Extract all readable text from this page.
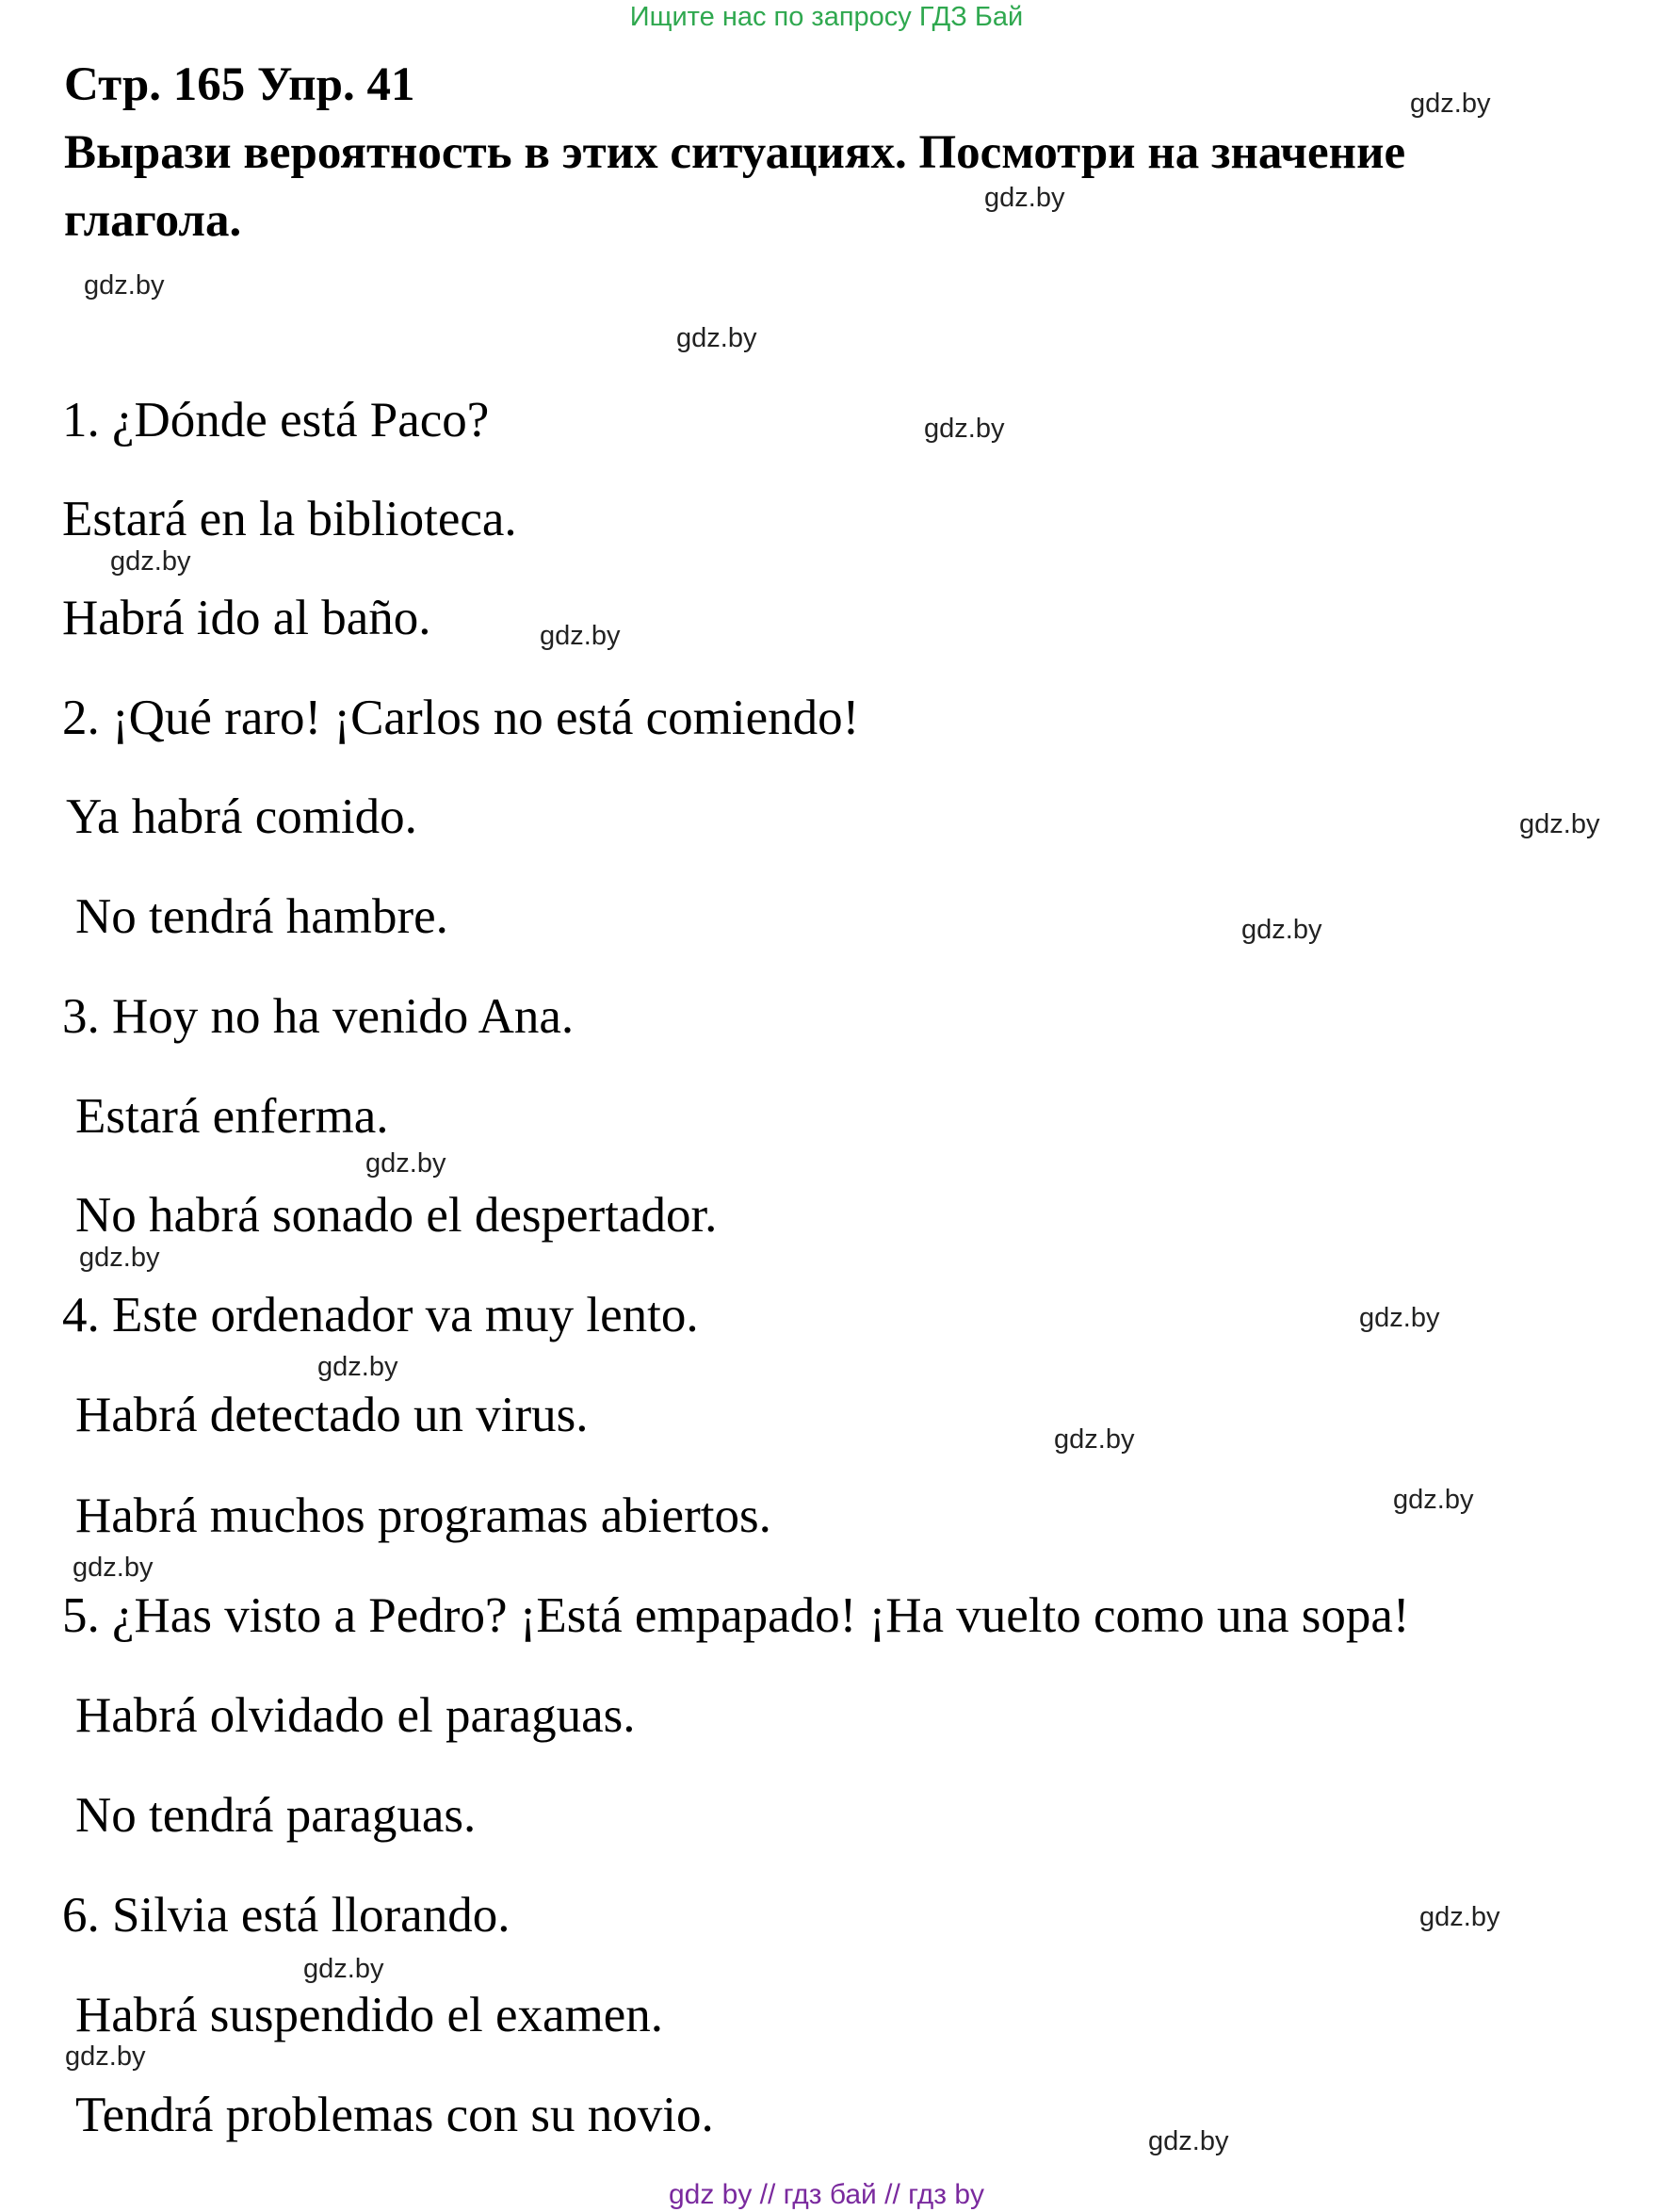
Ищите нас по запросу ГДЗ Бай
Стр. 165 Упр. 41
Вырази вероятность в этих ситуациях. Посмотри на значение
глагола.
1. ¿Dónde está Paco?
Estará en la biblioteca.
Habrá ido al baño.
2. ¡Qué raro! ¡Carlos no está comiendo!
Ya habrá comido.
No tendrá hambre.
3. Hoy no ha venido Ana.
Estará enferma.
No habrá sonado el despertador.
4. Este ordenador va muy lento.
Habrá detectado un virus.
Habrá muchos programas abiertos.
5. ¿Has visto a Pedro? ¡Está empapado! ¡Ha vuelto como una sopa!
Habrá olvidado el paraguas.
No tendrá paraguas.
6. Silvia está llorando.
Habrá suspendido el examen.
Tendrá problemas con su novio.
gdz.by
gdz.by
gdz.by
gdz.by
gdz.by
gdz.by
gdz.by
gdz.by
gdz.by
gdz.by
gdz.by
gdz.by
gdz.by
gdz.by
gdz.by
gdz.by
gdz.by
gdz.by
gdz.by
gdz.by
gdz by // гдз бай // гдз by
